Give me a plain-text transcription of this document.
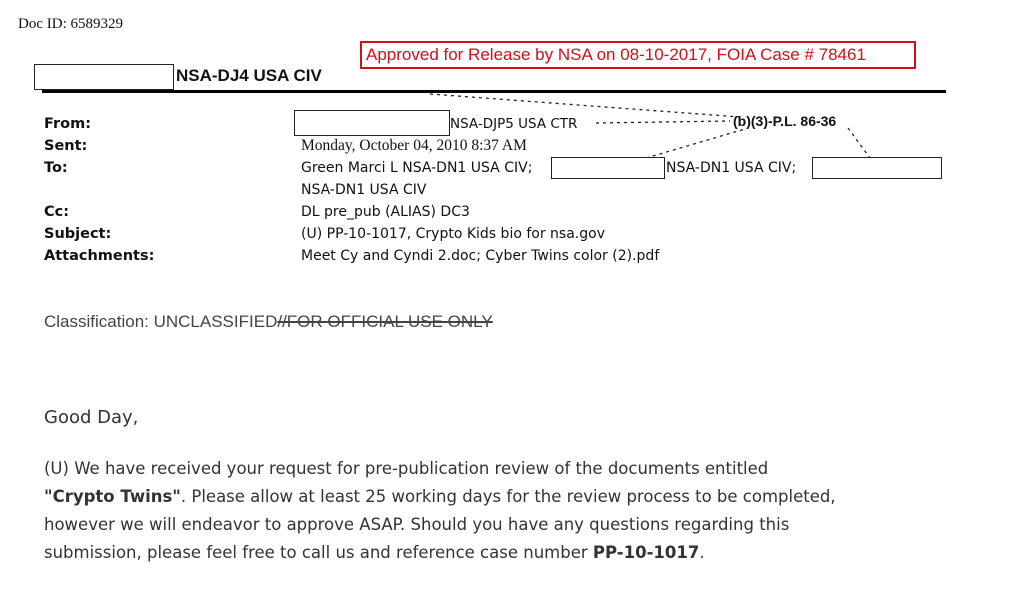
Doc ID: 6589329
Approved for Release by NSA on 08-10-2017, FOIA Case # 78461
NSA-DJ4 USA CIV
(b)(3)-P.L. 86-36
From:	NSA-DJP5 USA CTR
Sent:	Monday, October 04, 2010 8:37 AM
To:	Green Marci L NSA-DN1 USA CIV;	NSA-DN1 USA CIV;
NSA-DN1 USA CIV
Cc:	DL pre_pub (ALIAS) DC3
Subject:	(U) PP-10-1017, Crypto Kids bio for nsa.gov
Attachments:	Meet Cy and Cyndi 2.doc; Cyber Twins color (2).pdf
Classification: UNCLASSIFIED//FOR OFFICIAL USE ONLY
Good Day,
(U) We have received your request for pre-publication review of the documents entitled
"Crypto Twins". Please allow at least 25 working days for the review process to be completed,
however we will endeavor to approve ASAP. Should you have any questions regarding this
submission, please feel free to call us and reference case number PP-10-1017.
